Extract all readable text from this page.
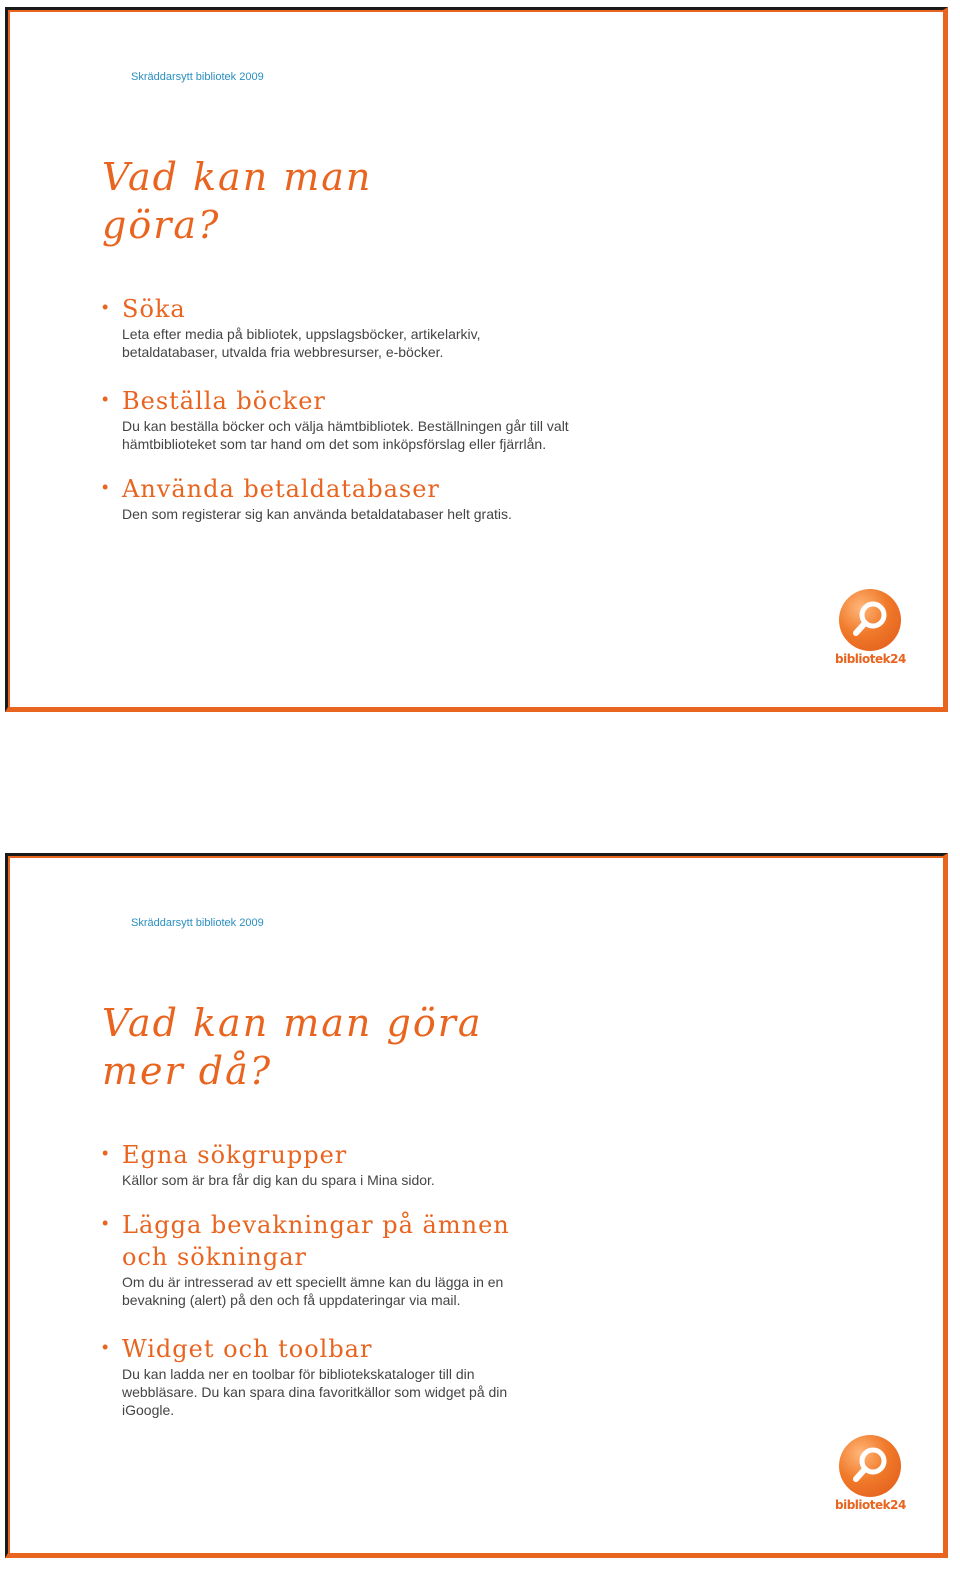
Skräddarsytt bibliotek 2009
Vad kan man
göra?
• Söka
Leta efter media på bibliotek, uppslagsböcker, artikelarkiv, betaldatabaser, utvalda fria webbresurser, e-böcker.
• Beställa böcker
Du kan beställa böcker och välja hämtbibliotek. Beställningen går till valt hämtbiblioteket som tar hand om det som inköpsförslag eller fjärrlån.
• Använda betaldatabaser
Den som registerar sig kan använda betaldatabaser helt gratis.
bibliotek24
Skräddarsytt bibliotek 2009
Vad kan man göra
mer då?
• Egna sökgrupper
Källor som är bra får dig kan du spara i Mina sidor.
• Lägga bevakningar på ämnen och sökningar
Om du är intresserad av ett speciellt ämne kan du lägga in en bevakning (alert) på den och få uppdateringar via mail.
• Widget och toolbar
Du kan ladda ner en toolbar för bibliotekskataloger till din webbläsare. Du kan spara dina favoritkällor som widget på din iGoogle.
bibliotek24
